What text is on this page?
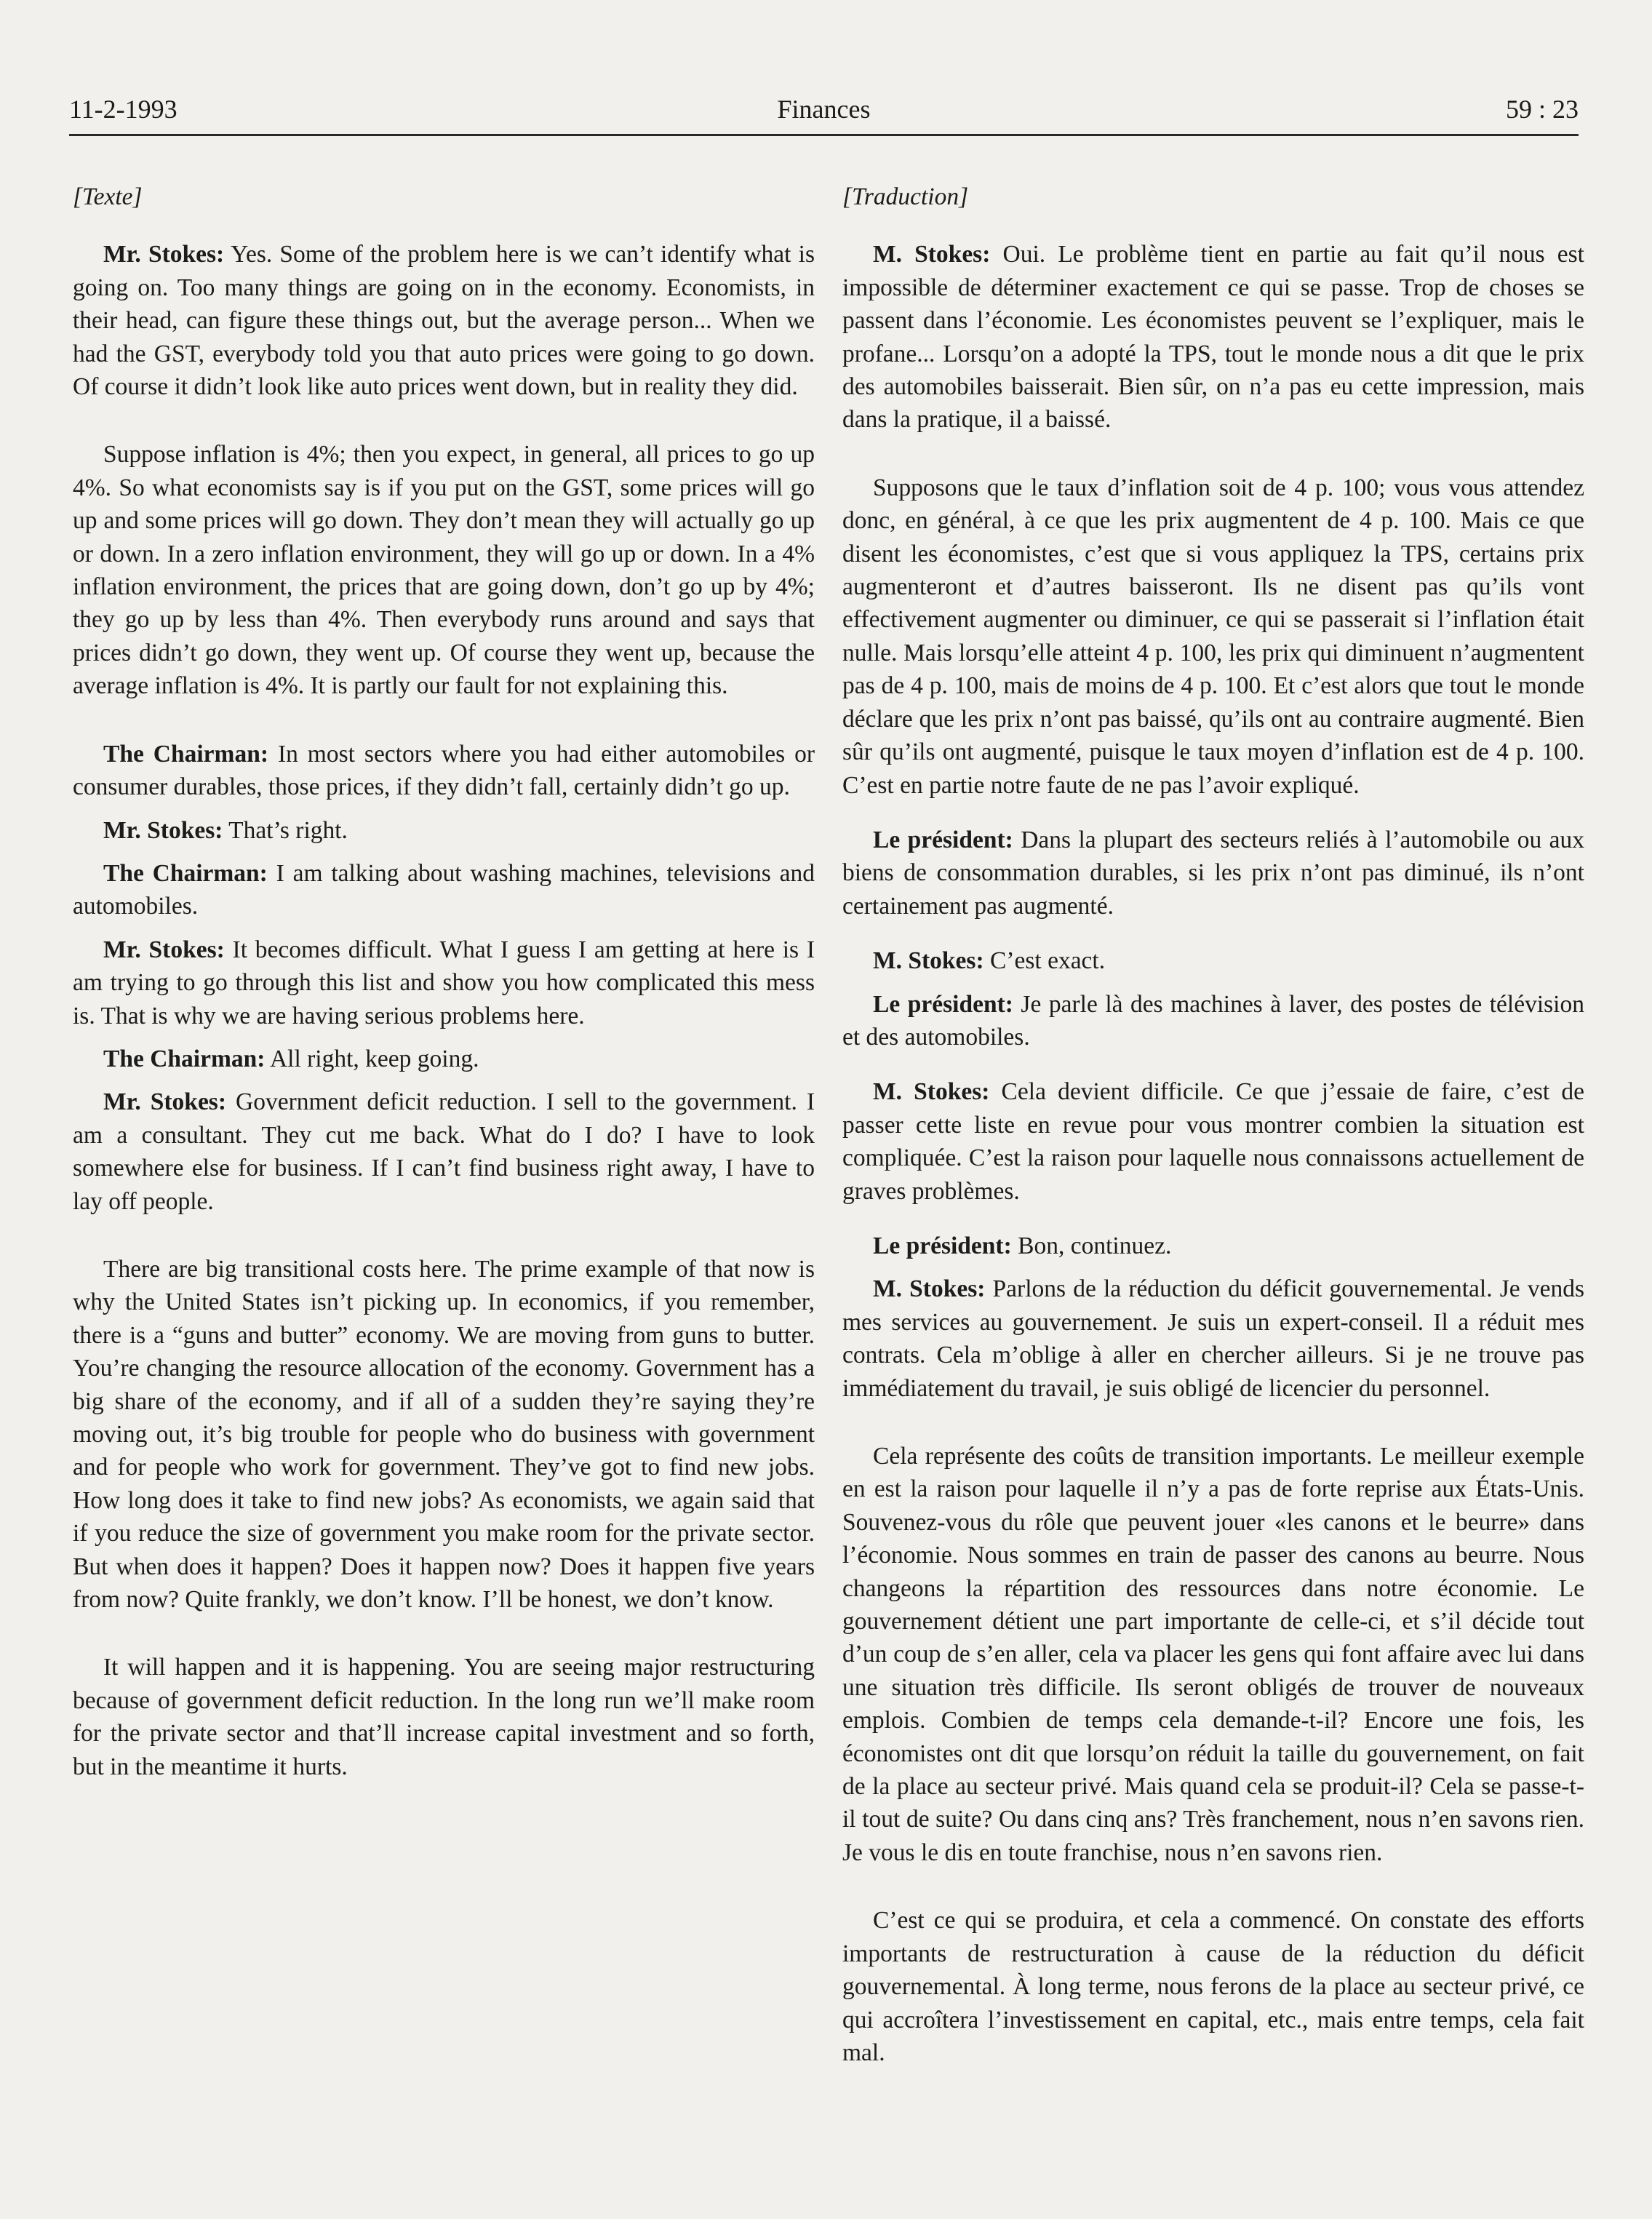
11-2-1993	Finances	59 : 23
[Texte]

Mr. Stokes: Yes. Some of the problem here is we can’t identify what is going on. Too many things are going on in the economy. Economists, in their head, can figure these things out, but the average person... When we had the GST, everybody told you that auto prices were going to go down. Of course it didn’t look like auto prices went down, but in reality they did.

Suppose inflation is 4%; then you expect, in general, all prices to go up 4%. So what economists say is if you put on the GST, some prices will go up and some prices will go down. They don’t mean they will actually go up or down. In a zero inflation environment, they will go up or down. In a 4% inflation environment, the prices that are going down, don’t go up by 4%; they go up by less than 4%. Then everybody runs around and says that prices didn’t go down, they went up. Of course they went up, because the average inflation is 4%. It is partly our fault for not explaining this.

The Chairman: In most sectors where you had either automobiles or consumer durables, those prices, if they didn’t fall, certainly didn’t go up.

Mr. Stokes: That’s right.

The Chairman: I am talking about washing machines, televisions and automobiles.

Mr. Stokes: It becomes difficult. What I guess I am getting at here is I am trying to go through this list and show you how complicated this mess is. That is why we are having serious problems here.

The Chairman: All right, keep going.

Mr. Stokes: Government deficit reduction. I sell to the government. I am a consultant. They cut me back. What do I do? I have to look somewhere else for business. If I can’t find business right away, I have to lay off people.

There are big transitional costs here. The prime example of that now is why the United States isn’t picking up. In economics, if you remember, there is a “guns and butter” economy. We are moving from guns to butter. You’re changing the resource allocation of the economy. Government has a big share of the economy, and if all of a sudden they’re saying they’re moving out, it’s big trouble for people who do business with government and for people who work for government. They’ve got to find new jobs. How long does it take to find new jobs? As economists, we again said that if you reduce the size of government you make room for the private sector. But when does it happen? Does it happen now? Does it happen five years from now? Quite frankly, we don’t know. I’ll be honest, we don’t know.

It will happen and it is happening. You are seeing major restructuring because of government deficit reduction. In the long run we’ll make room for the private sector and that’ll increase capital investment and so forth, but in the meantime it hurts.

[Traduction]

M. Stokes: Oui. Le problème tient en partie au fait qu’il nous est impossible de déterminer exactement ce qui se passe. Trop de choses se passent dans l’économie. Les économistes peuvent se l’expliquer, mais le profane... Lorsqu’on a adopté la TPS, tout le monde nous a dit que le prix des automobiles baisserait. Bien sûr, on n’a pas eu cette impression, mais dans la pratique, il a baissé.

Supposons que le taux d’inflation soit de 4 p. 100; vous vous attendez donc, en général, à ce que les prix augmentent de 4 p. 100. Mais ce que disent les économistes, c’est que si vous appliquez la TPS, certains prix augmenteront et d’autres baisseront. Ils ne disent pas qu’ils vont effectivement augmenter ou diminuer, ce qui se passerait si l’inflation était nulle. Mais lorsqu’elle atteint 4 p. 100, les prix qui diminuent n’augmentent pas de 4 p. 100, mais de moins de 4 p. 100. Et c’est alors que tout le monde déclare que les prix n’ont pas baissé, qu’ils ont au contraire augmenté. Bien sûr qu’ils ont augmenté, puisque le taux moyen d’inflation est de 4 p. 100. C’est en partie notre faute de ne pas l’avoir expliqué.

Le président: Dans la plupart des secteurs reliés à l’automobile ou aux biens de consommation durables, si les prix n’ont pas diminué, ils n’ont certainement pas augmenté.

M. Stokes: C’est exact.

Le président: Je parle là des machines à laver, des postes de télévision et des automobiles.

M. Stokes: Cela devient difficile. Ce que j’essaie de faire, c’est de passer cette liste en revue pour vous montrer combien la situation est compliquée. C’est la raison pour laquelle nous connaissons actuellement de graves problèmes.

Le président: Bon, continuez.

M. Stokes: Parlons de la réduction du déficit gouvernemental. Je vends mes services au gouvernement. Je suis un expert-conseil. Il a réduit mes contrats. Cela m’oblige à aller en chercher ailleurs. Si je ne trouve pas immédiatement du travail, je suis obligé de licencier du personnel.

Cela représente des coûts de transition importants. Le meilleur exemple en est la raison pour laquelle il n’y a pas de forte reprise aux États-Unis. Souvenez-vous du rôle que peuvent jouer «les canons et le beurre» dans l’économie. Nous sommes en train de passer des canons au beurre. Nous changeons la répartition des ressources dans notre économie. Le gouvernement détient une part importante de celle-ci, et s’il décide tout d’un coup de s’en aller, cela va placer les gens qui font affaire avec lui dans une situation très difficile. Ils seront obligés de trouver de nouveaux emplois. Combien de temps cela demande-t-il? Encore une fois, les économistes ont dit que lorsqu’on réduit la taille du gouvernement, on fait de la place au secteur privé. Mais quand cela se produit-il? Cela se passe-t-il tout de suite? Ou dans cinq ans? Très franchement, nous n’en savons rien. Je vous le dis en toute franchise, nous n’en savons rien.

C’est ce qui se produira, et cela a commencé. On constate des efforts importants de restructuration à cause de la réduction du déficit gouvernemental. À long terme, nous ferons de la place au secteur privé, ce qui accroîtera l’investissement en capital, etc., mais entre temps, cela fait mal.
